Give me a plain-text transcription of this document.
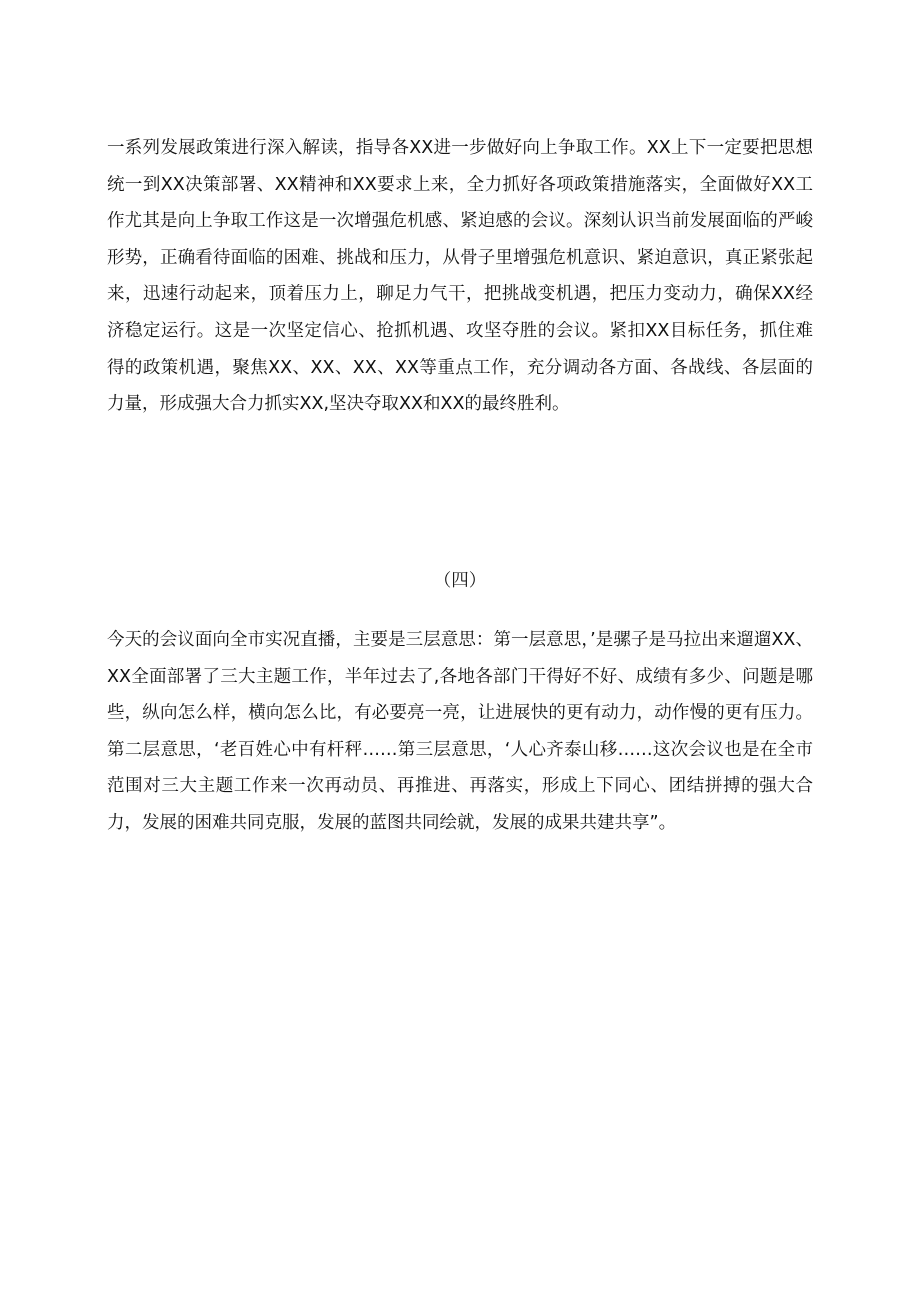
一系列发展政策进行深入解读，指导各XX进一步做好向上争取工作。XX上下一定要把思想统一到XX决策部署、XX精神和XX要求上来，全力抓好各项政策措施落实，全面做好XX工作尤其是向上争取工作这是一次增强危机感、紧迫感的会议。深刻认识当前发展面临的严峻形势，正确看待面临的困难、挑战和压力，从骨子里增强危机意识、紧迫意识，真正紧张起来，迅速行动起来，顶着压力上，聊足力气干，把挑战变机遇，把压力变动力，确保XX经济稳定运行。这是一次坚定信心、抢抓机遇、攻坚夺胜的会议。紧扣XX目标任务，抓住难得的政策机遇，聚焦XX、XX、XX、XX等重点工作，充分调动各方面、各战线、各层面的力量，形成强大合力抓实XX,坚决夺取XX和XX的最终胜利。

（四）

今天的会议面向全市实况直播，主要是三层意思：第一层意思，’是骡子是马拉出来遛遛XX、XX全面部署了三大主题工作，半年过去了,各地各部门干得好不好、成绩有多少、问题是哪些，纵向怎么样，横向怎么比，有必要亮一亮，让进展快的更有动力，动作慢的更有压力。第二层意思，‘老百姓心中有杆秤……第三层意思，‘人心齐泰山移……这次会议也是在全市范围对三大主题工作来一次再动员、再推进、再落实，形成上下同心、团结拼搏的强大合力，发展的困难共同克服，发展的蓝图共同绘就，发展的成果共建共享”。
